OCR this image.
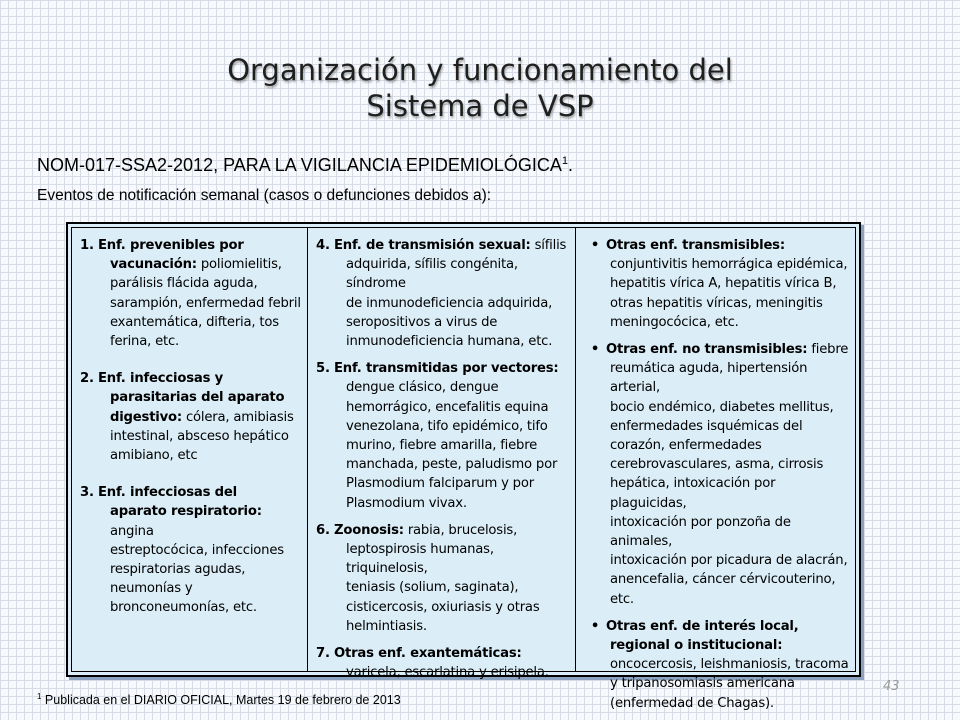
Organización y funcionamiento del
Sistema de VSP
NOM-017-SSA2-2012, PARA LA VIGILANCIA EPIDEMIOLÓGICA$^1$.
Eventos de notificación semanal (casos o defunciones debidos a):
1. Enf. prevenibles por
vacunación: poliomielitis,
parálisis flácida aguda,
sarampión, enfermedad febril
exantemática, difteria, tos
ferina, etc.
2. Enf. infecciosas y
parasitarias del aparato
digestivo: cólera, amibiasis
intestinal, absceso hepático
amibiano, etc
3. Enf. infecciosas del
aparato respiratorio: angina
estreptocócica, infecciones
respiratorias agudas,
neumonías y
bronconeumonías, etc.
4. Enf. de transmisión sexual: sífilis
adquirida, sífilis congénita, síndrome
de inmunodeficiencia adquirida,
seropositivos a virus de
inmunodeficiencia humana, etc.
5. Enf. transmitidas por vectores:
dengue clásico, dengue
hemorrágico, encefalitis equina
venezolana, tifo epidémico, tifo
murino, fiebre amarilla, fiebre
manchada, peste, paludismo por
Plasmodium falciparum y por
Plasmodium vivax.
6. Zoonosis: rabia, brucelosis,
leptospirosis humanas, triquinelosis,
teniasis (solium, saginata),
cisticercosis, oxiuriasis y otras
helmintiasis.
7. Otras enf. exantemáticas:
varicela, escarlatina y erisipela.
• Otras enf. transmisibles:
conjuntivitis hemorrágica epidémica,
hepatitis vírica A, hepatitis vírica B,
otras hepatitis víricas, meningitis
meningocócica, etc.
• Otras enf. no transmisibles: fiebre
reumática aguda, hipertensión arterial,
bocio endémico, diabetes mellitus,
enfermedades isquémicas del
corazón, enfermedades
cerebrovasculares, asma, cirrosis
hepática, intoxicación por plaguicidas,
intoxicación por ponzoña de animales,
intoxicación por picadura de alacrán,
anencefalia, cáncer cérvicouterino,
etc.
• Otras enf. de interés local,
regional o institucional:
oncocercosis, leishmaniosis, tracoma
y tripanosomiasis americana
(enfermedad de Chagas).
43
$^1$ Publicada en el DIARIO OFICIAL, Martes 19 de febrero de 2013
